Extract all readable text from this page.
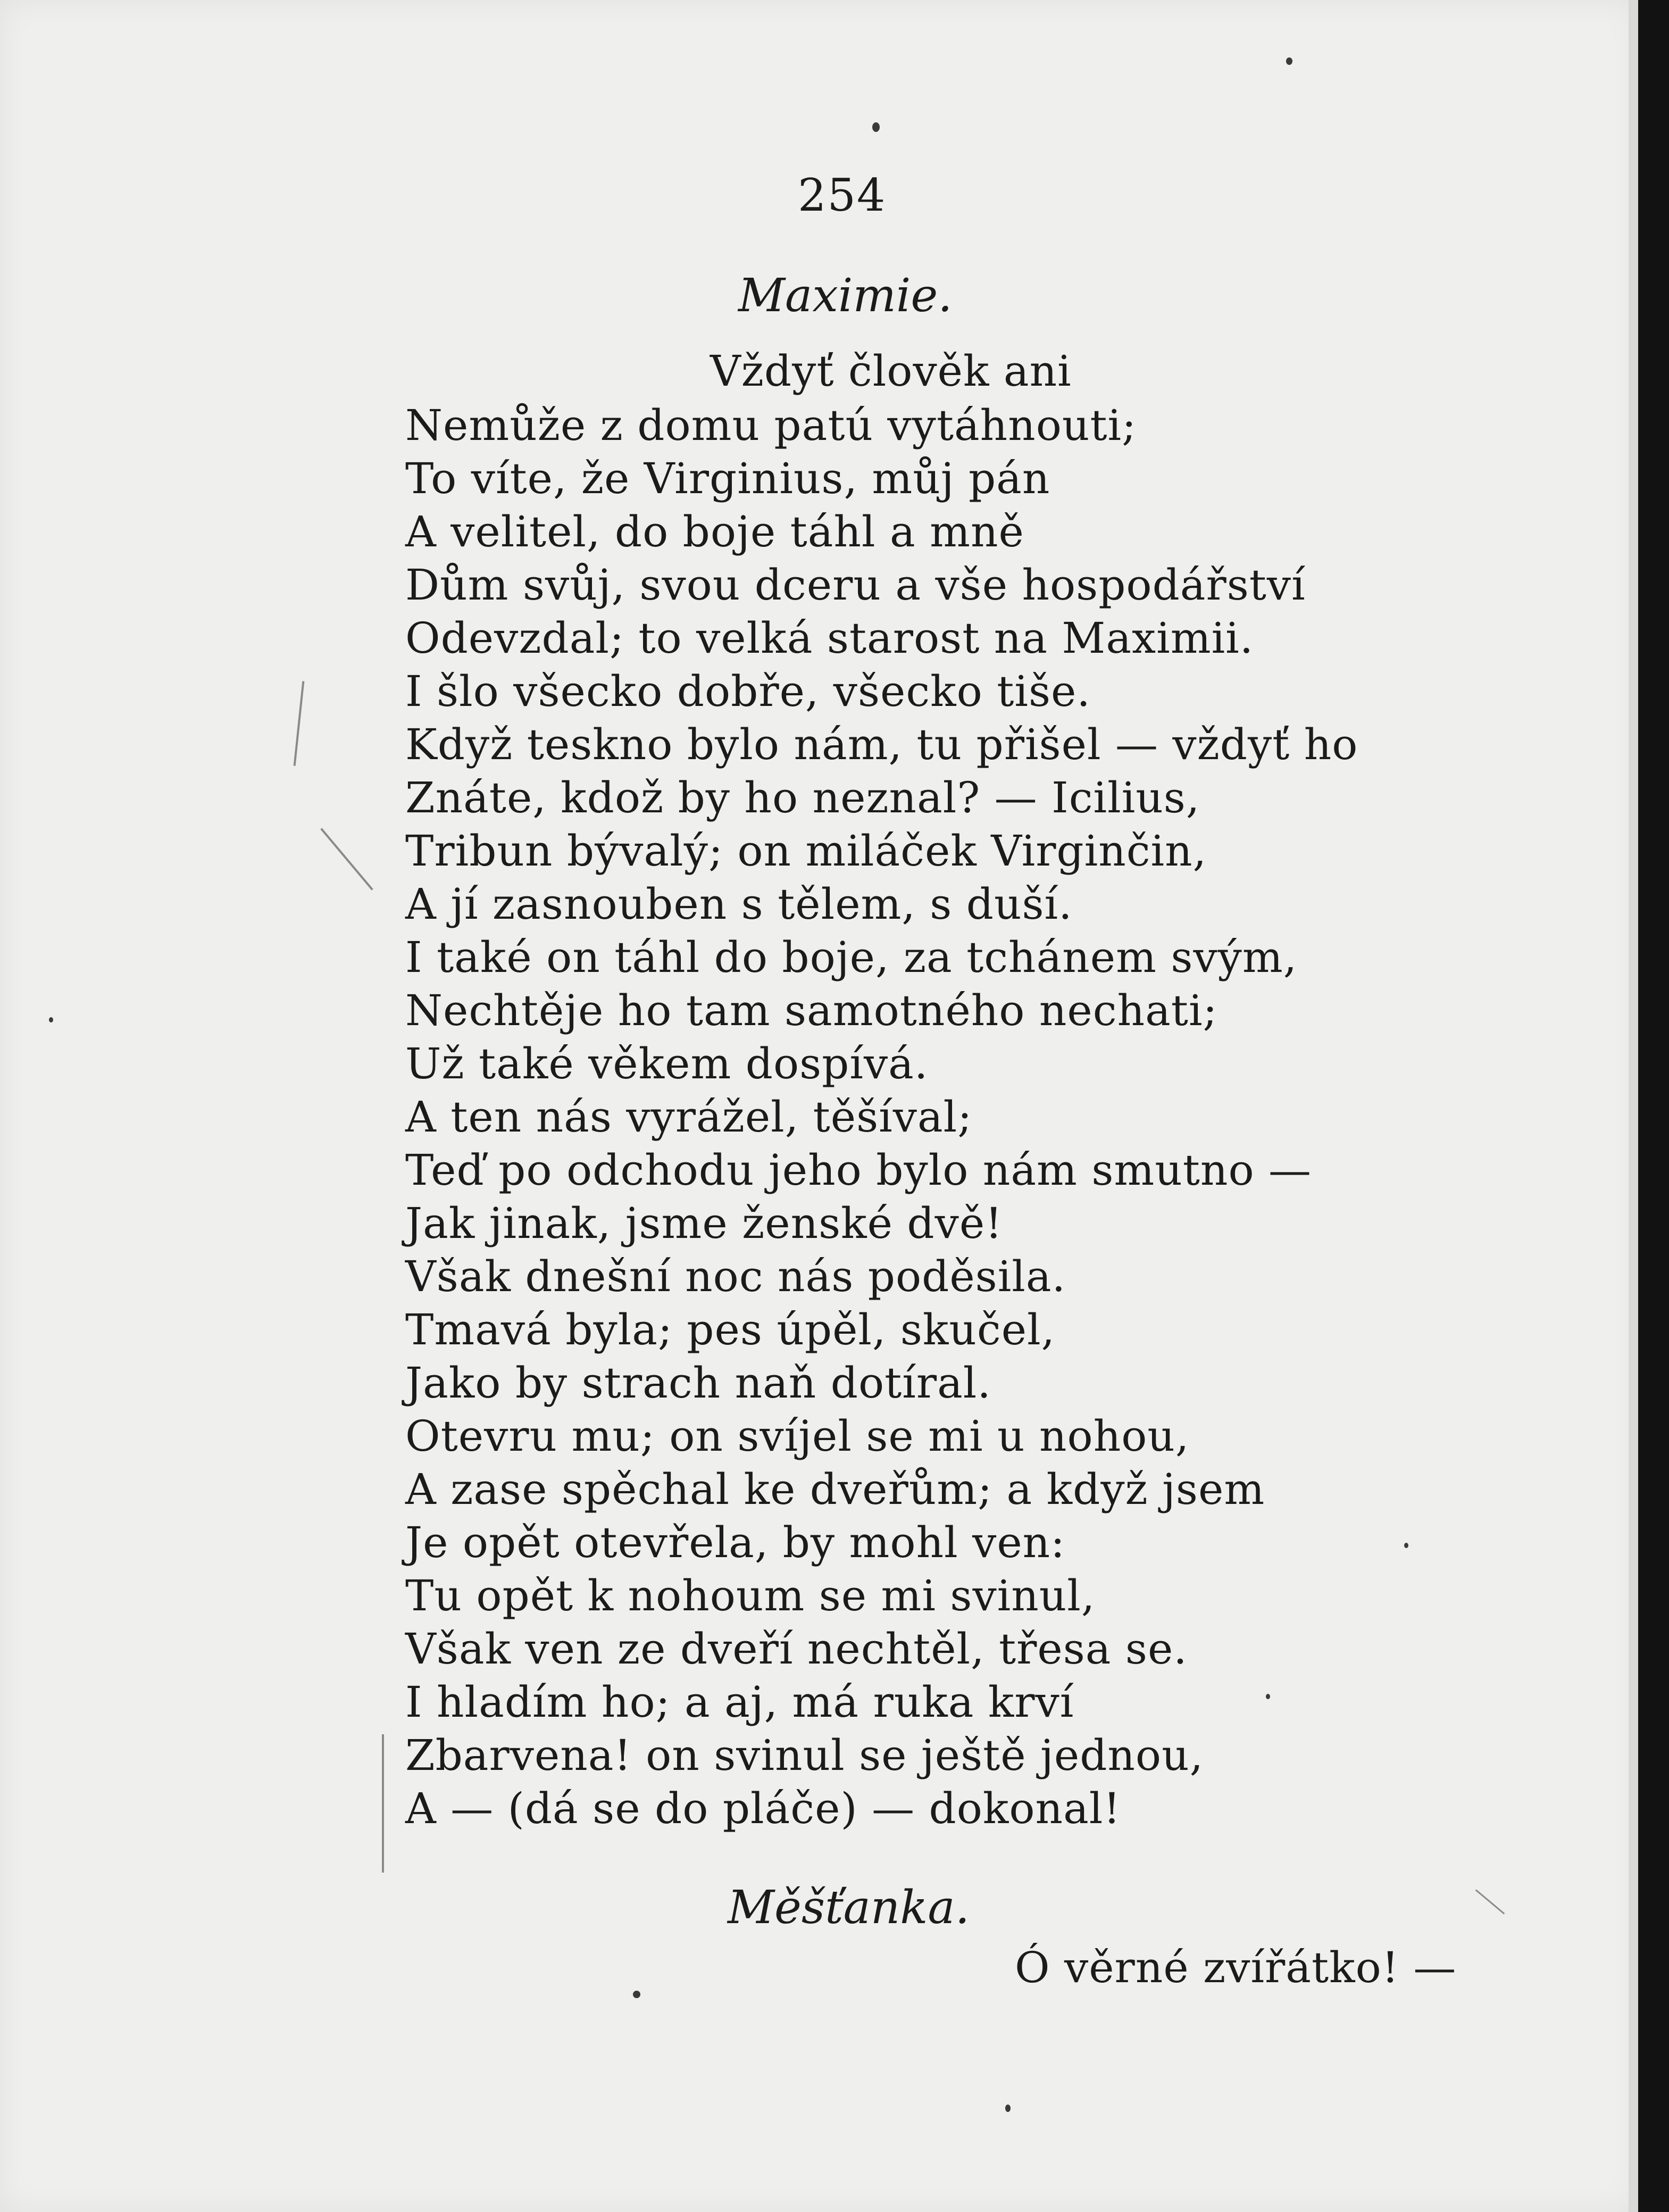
254
Maximie.
Vždyť člověk ani
Nemůže z domu patú vytáhnouti;
To víte, že Virginius, můj pán
A velitel, do boje táhl a mně
Dům svůj, svou dceru a vše hospodářství
Odevzdal; to velká starost na Maximii.
I šlo všecko dobře, všecko tiše.
Když teskno bylo nám, tu přišel — vždyť ho
Znáte, kdož by ho neznal? — Icilius,
Tribun bývalý; on miláček Virginčin,
A jí zasnouben s tělem, s duší.
I také on táhl do boje, za tchánem svým,
Nechtěje ho tam samotného nechati;
Už také věkem dospívá.
A ten nás vyrážel, těšíval;
Teď po odchodu jeho bylo nám smutno —
Jak jinak, jsme ženské dvě!
Však dnešní noc nás poděsila.
Tmavá byla; pes úpěl, skučel,
Jako by strach naň dotíral.
Otevru mu; on svíjel se mi u nohou,
A zase spěchal ke dveřům; a když jsem
Je opět otevřela, by mohl ven:
Tu opět k nohoum se mi svinul,
Však ven ze dveří nechtěl, třesa se.
I hladím ho; a aj, má ruka krví
Zbarvena! on svinul se ještě jednou,
A — (dá se do pláče) — dokonal!
Měšťanka.
Ó věrné zvířátko! —
